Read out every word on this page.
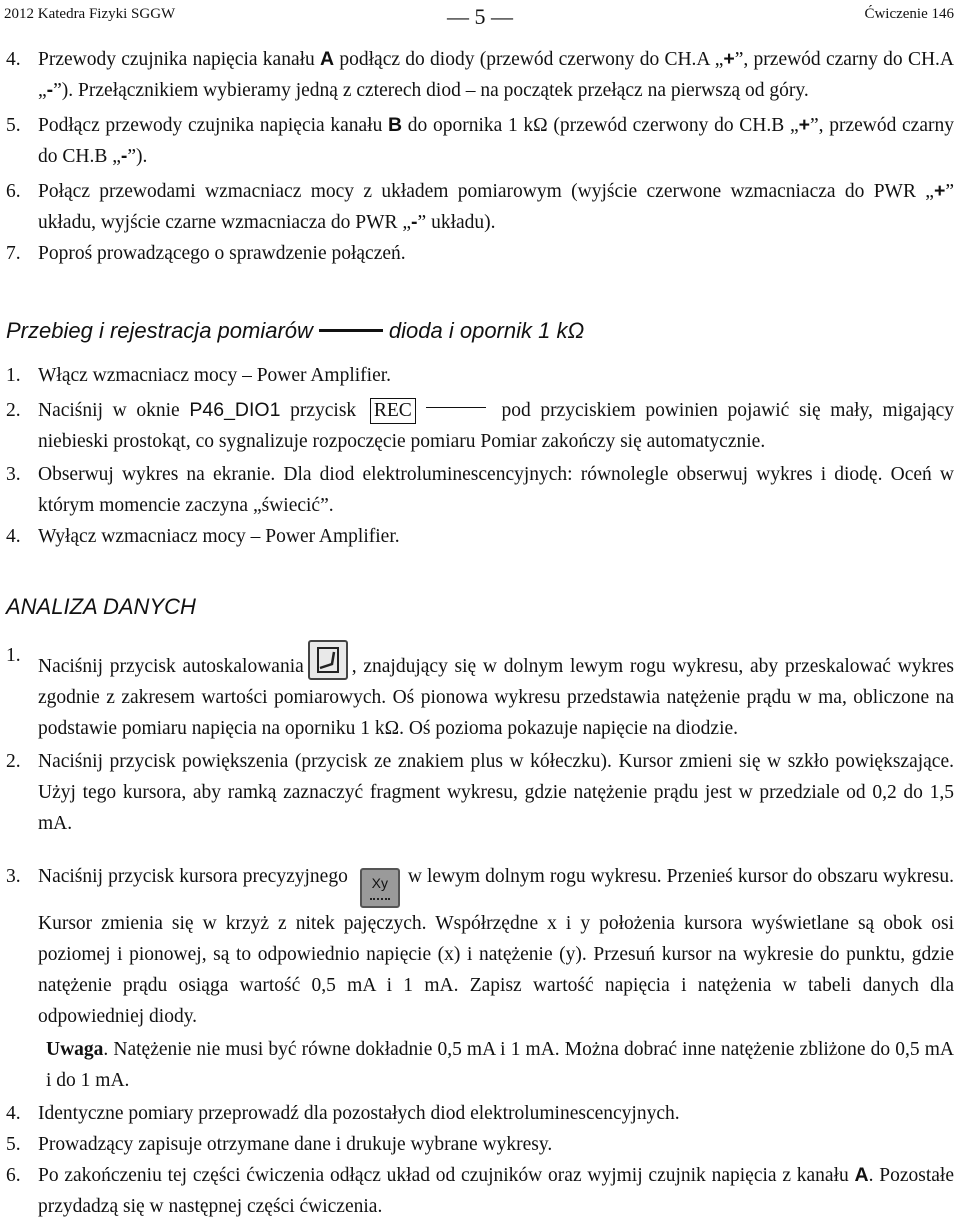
2012 Katedra Fizyki SGGW	— 5 —	Ćwiczenie 146
4. Przewody czujnika napięcia kanału A podłącz do diody (przewód czerwony do CH.A „+”, przewód czarny do CH.A „-”). Przełącznikiem wybieramy jedną z czterech diod – na początek przełącz na pierwszą od góry.
5. Podłącz przewody czujnika napięcia kanału B do opornika 1 kΩ (przewód czerwony do CH.B „+”, przewód czarny do CH.B „-”).
6. Połącz przewodami wzmacniacz mocy z układem pomiarowym (wyjście czerwone wzmacniacza do PWR „+” układu, wyjście czarne wzmacniacza do PWR „-” układu).
7. Poproś prowadzącego o sprawdzenie połączeń.
Przebieg i rejestracja pomiarów	dioda i opornik 1 kΩ
1. Włącz wzmacniacz mocy – Power Amplifier.
2. Naciśnij w oknie P46_DIO1 przycisk REC	pod przyciskiem powinien pojawić się mały, migający niebieski prostokąt, co sygnalizuje rozpoczęcie pomiaru Pomiar zakończy się automatycznie.
3. Obserwuj wykres na ekranie. Dla diod elektroluminescencyjnych: równolegle obserwuj wykres i diodę. Oceń w którym momencie zaczyna „świecić”.
4. Wyłącz wzmacniacz mocy – Power Amplifier.
ANALIZA DANYCH
1.
Naciśnij przycisk autoskalowania , znajdujący się w dolnym lewym rogu wykresu, aby przeskalować wykres zgodnie z zakresem wartości pomiarowych. Oś pionowa wykresu przedstawia natężenie prądu w ma, obliczone na podstawie pomiaru napięcia na oporniku 1 kΩ. Oś pozioma pokazuje napięcie na diodzie.
2. Naciśnij przycisk powiększenia (przycisk ze znakiem plus w kółeczku). Kursor zmieni się w szkło powiększające. Użyj tego kursora, aby ramką zaznaczyć fragment wykresu, gdzie natężenie prądu jest w przedziale od 0,2 do 1,5 mA.
3. Naciśnij przycisk kursora precyzyjnego Xy w lewym dolnym rogu wykresu. Przenieś kursor do obszaru wykresu. Kursor zmienia się w krzyż z nitek pajęczych. Współrzędne x i y położenia kursora wyświetlane są obok osi poziomej i pionowej, są to odpowiednio napięcie (x) i natężenie (y). Przesuń kursor na wykresie do punktu, gdzie natężenie prądu osiąga wartość 0,5 mA i 1 mA. Zapisz wartość napięcia i natężenia w tabeli danych dla odpowiedniej diody.
Uwaga. Natężenie nie musi być równe dokładnie 0,5 mA i 1 mA. Można dobrać inne natężenie zbliżone do 0,5 mA i do 1 mA.
4. Identyczne pomiary przeprowadź dla pozostałych diod elektroluminescencyjnych.
5. Prowadzący zapisuje otrzymane dane i drukuje wybrane wykresy.
6. Po zakończeniu tej części ćwiczenia odłącz układ od czujników oraz wyjmij czujnik napięcia z kanału A. Pozostałe przydadzą się w następnej części ćwiczenia.
